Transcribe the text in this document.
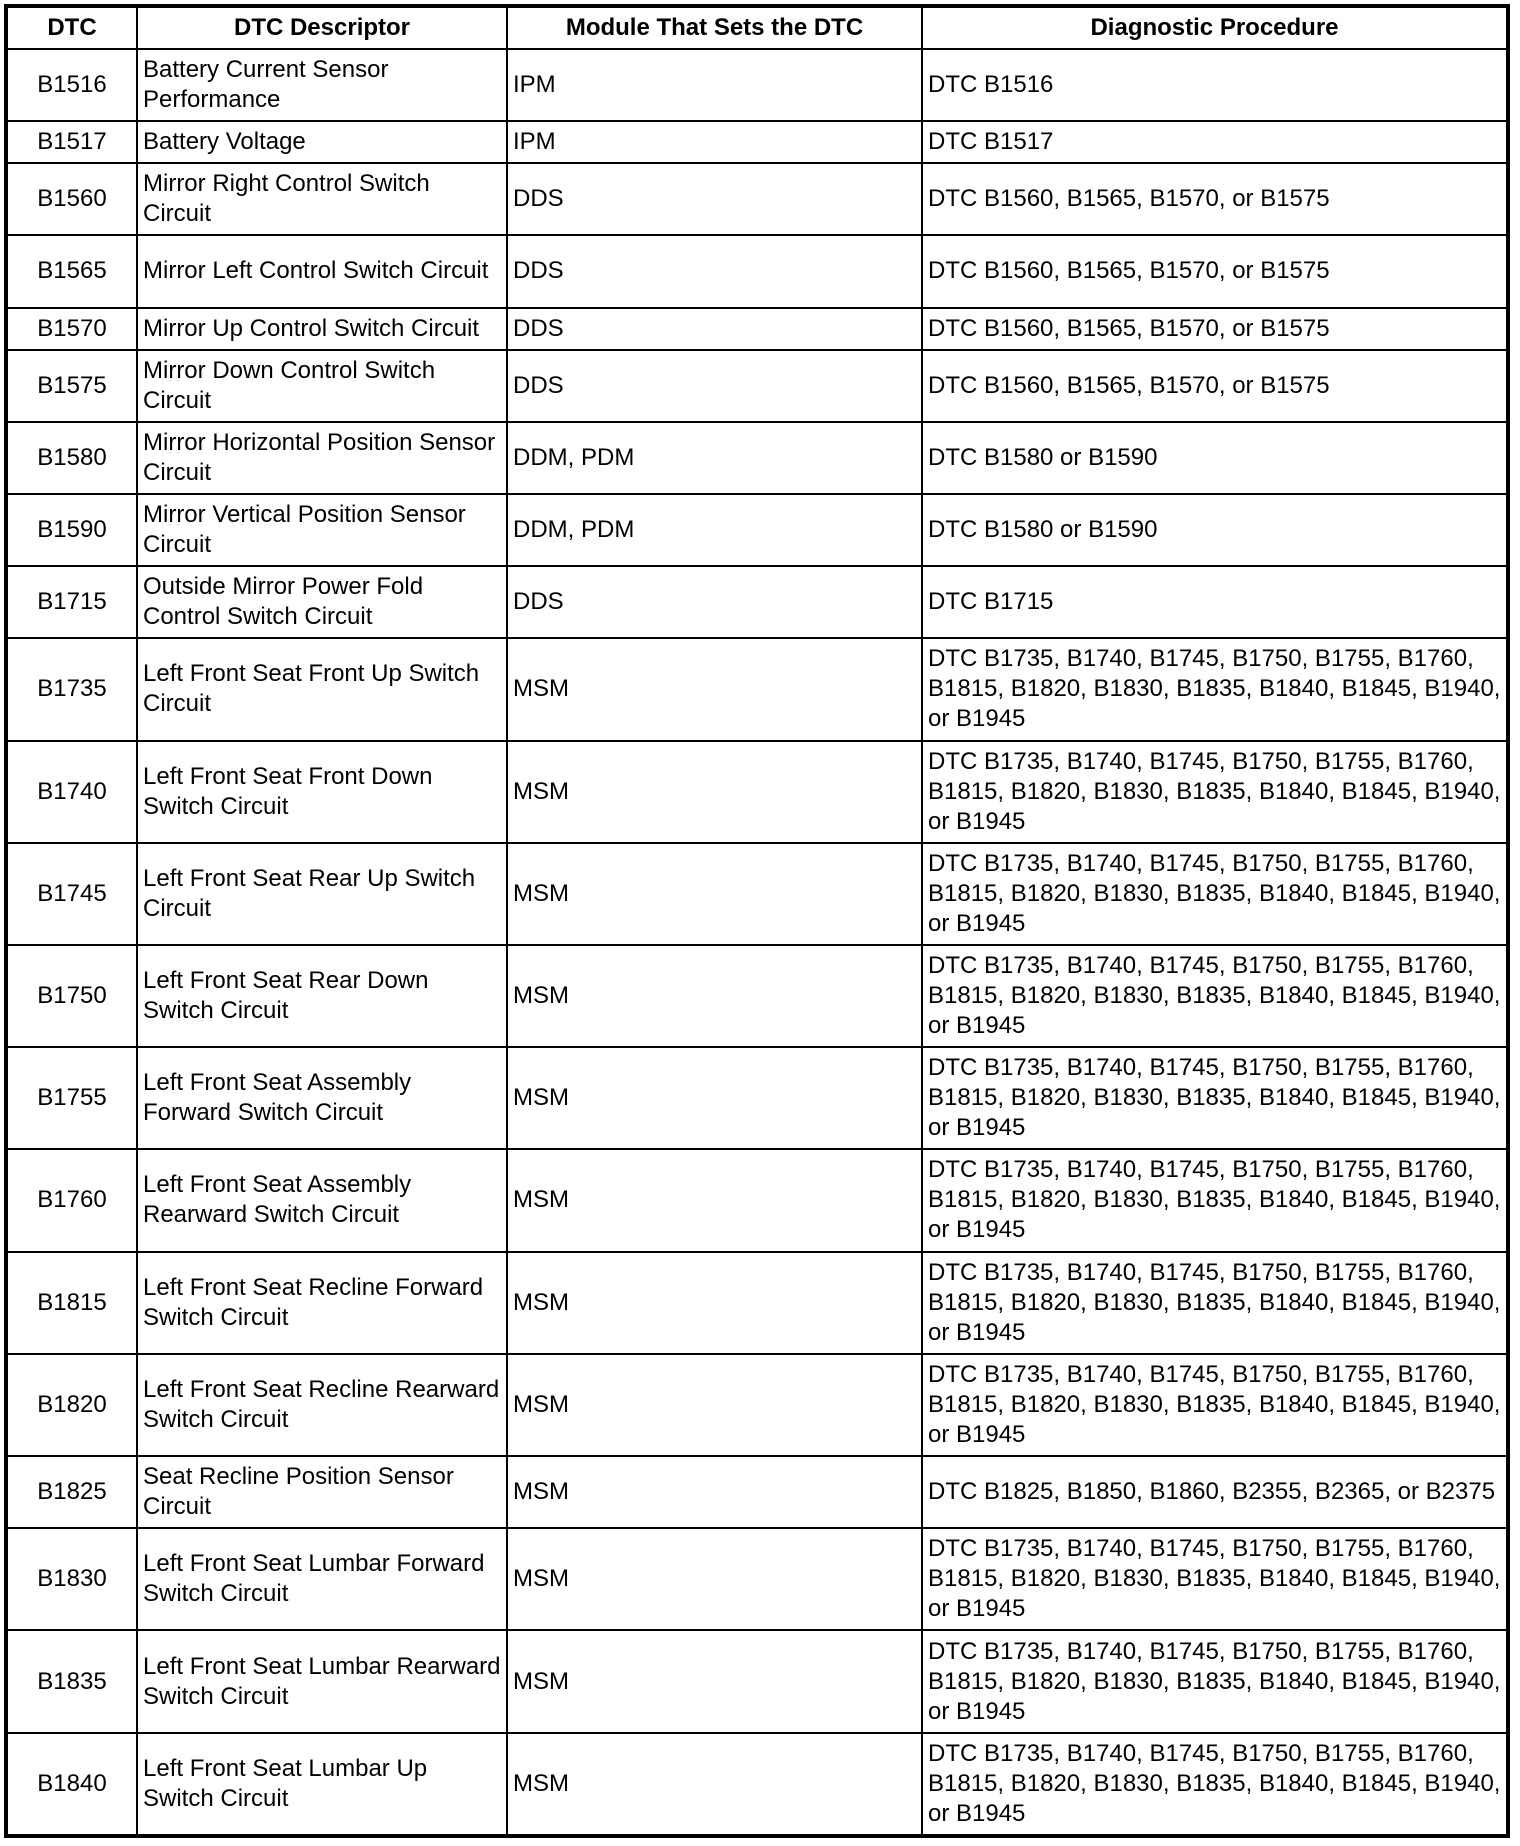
DTC	DTC Descriptor	Module That Sets the DTC	Diagnostic Procedure
B1516	Battery Current Sensor Performance	IPM	DTC B1516
B1517	Battery Voltage	IPM	DTC B1517
B1560	Mirror Right Control Switch Circuit	DDS	DTC B1560, B1565, B1570, or B1575
B1565	Mirror Left Control Switch Circuit	DDS	DTC B1560, B1565, B1570, or B1575
B1570	Mirror Up Control Switch Circuit	DDS	DTC B1560, B1565, B1570, or B1575
B1575	Mirror Down Control Switch Circuit	DDS	DTC B1560, B1565, B1570, or B1575
B1580	Mirror Horizontal Position Sensor Circuit	DDM, PDM	DTC B1580 or B1590
B1590	Mirror Vertical Position Sensor Circuit	DDM, PDM	DTC B1580 or B1590
B1715	Outside Mirror Power Fold Control Switch Circuit	DDS	DTC B1715
B1735	Left Front Seat Front Up Switch Circuit	MSM	DTC B1735, B1740, B1745, B1750, B1755, B1760, B1815, B1820, B1830, B1835, B1840, B1845, B1940, or B1945
B1740	Left Front Seat Front Down Switch Circuit	MSM	DTC B1735, B1740, B1745, B1750, B1755, B1760, B1815, B1820, B1830, B1835, B1840, B1845, B1940, or B1945
B1745	Left Front Seat Rear Up Switch Circuit	MSM	DTC B1735, B1740, B1745, B1750, B1755, B1760, B1815, B1820, B1830, B1835, B1840, B1845, B1940, or B1945
B1750	Left Front Seat Rear Down Switch Circuit	MSM	DTC B1735, B1740, B1745, B1750, B1755, B1760, B1815, B1820, B1830, B1835, B1840, B1845, B1940, or B1945
B1755	Left Front Seat Assembly Forward Switch Circuit	MSM	DTC B1735, B1740, B1745, B1750, B1755, B1760, B1815, B1820, B1830, B1835, B1840, B1845, B1940, or B1945
B1760	Left Front Seat Assembly Rearward Switch Circuit	MSM	DTC B1735, B1740, B1745, B1750, B1755, B1760, B1815, B1820, B1830, B1835, B1840, B1845, B1940, or B1945
B1815	Left Front Seat Recline Forward Switch Circuit	MSM	DTC B1735, B1740, B1745, B1750, B1755, B1760, B1815, B1820, B1830, B1835, B1840, B1845, B1940, or B1945
B1820	Left Front Seat Recline Rearward Switch Circuit	MSM	DTC B1735, B1740, B1745, B1750, B1755, B1760, B1815, B1820, B1830, B1835, B1840, B1845, B1940, or B1945
B1825	Seat Recline Position Sensor Circuit	MSM	DTC B1825, B1850, B1860, B2355, B2365, or B2375
B1830	Left Front Seat Lumbar Forward Switch Circuit	MSM	DTC B1735, B1740, B1745, B1750, B1755, B1760, B1815, B1820, B1830, B1835, B1840, B1845, B1940, or B1945
B1835	Left Front Seat Lumbar Rearward Switch Circuit	MSM	DTC B1735, B1740, B1745, B1750, B1755, B1760, B1815, B1820, B1830, B1835, B1840, B1845, B1940, or B1945
B1840	Left Front Seat Lumbar Up Switch Circuit	MSM	DTC B1735, B1740, B1745, B1750, B1755, B1760, B1815, B1820, B1830, B1835, B1840, B1845, B1940, or B1945
